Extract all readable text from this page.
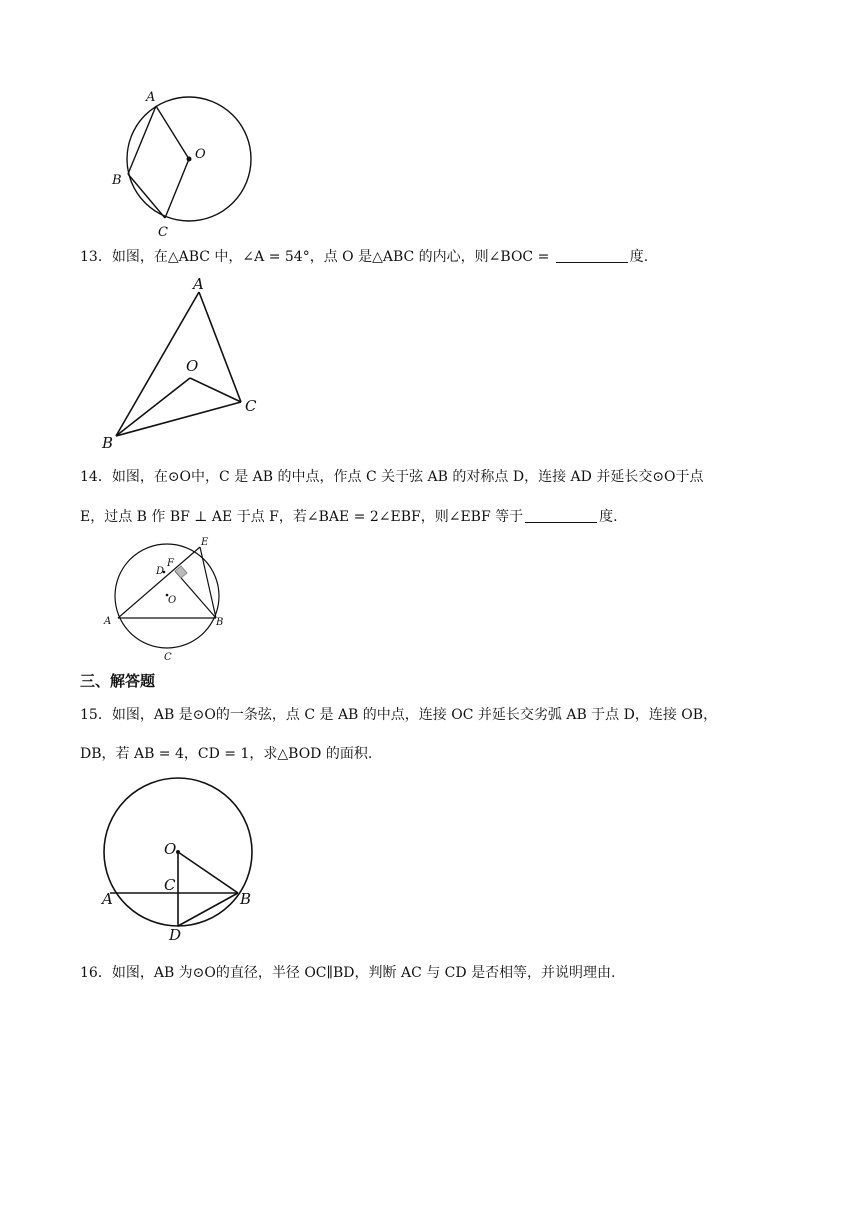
A
B
C
O
13．如图，在△ABC 中，∠A = 54°，点 O 是△ABC 的内心，则∠BOC =	度.
A
O
C
B
14．如图，在⊙O中，C 是 AB 的中点，作点 C 关于弦 AB 的对称点 D，连接 AD 并延长交⊙O于点
E，过点 B 作 BF ⊥ AE 于点 F，若∠BAE = 2∠EBF，则∠EBF 等于	度.
E
F
D
O
A	B
C
三、解答题
15．如图，AB 是⊙O的一条弦，点 C 是 AB 的中点，连接 OC 并延长交劣弧 AB 于点 D，连接 OB，
DB，若 AB = 4，CD = 1，求△BOD 的面积.
O
C
A	B
D
16．如图，AB 为⊙O的直径，半径 OC∥BD，判断 AC 与 CD 是否相等，并说明理由.
